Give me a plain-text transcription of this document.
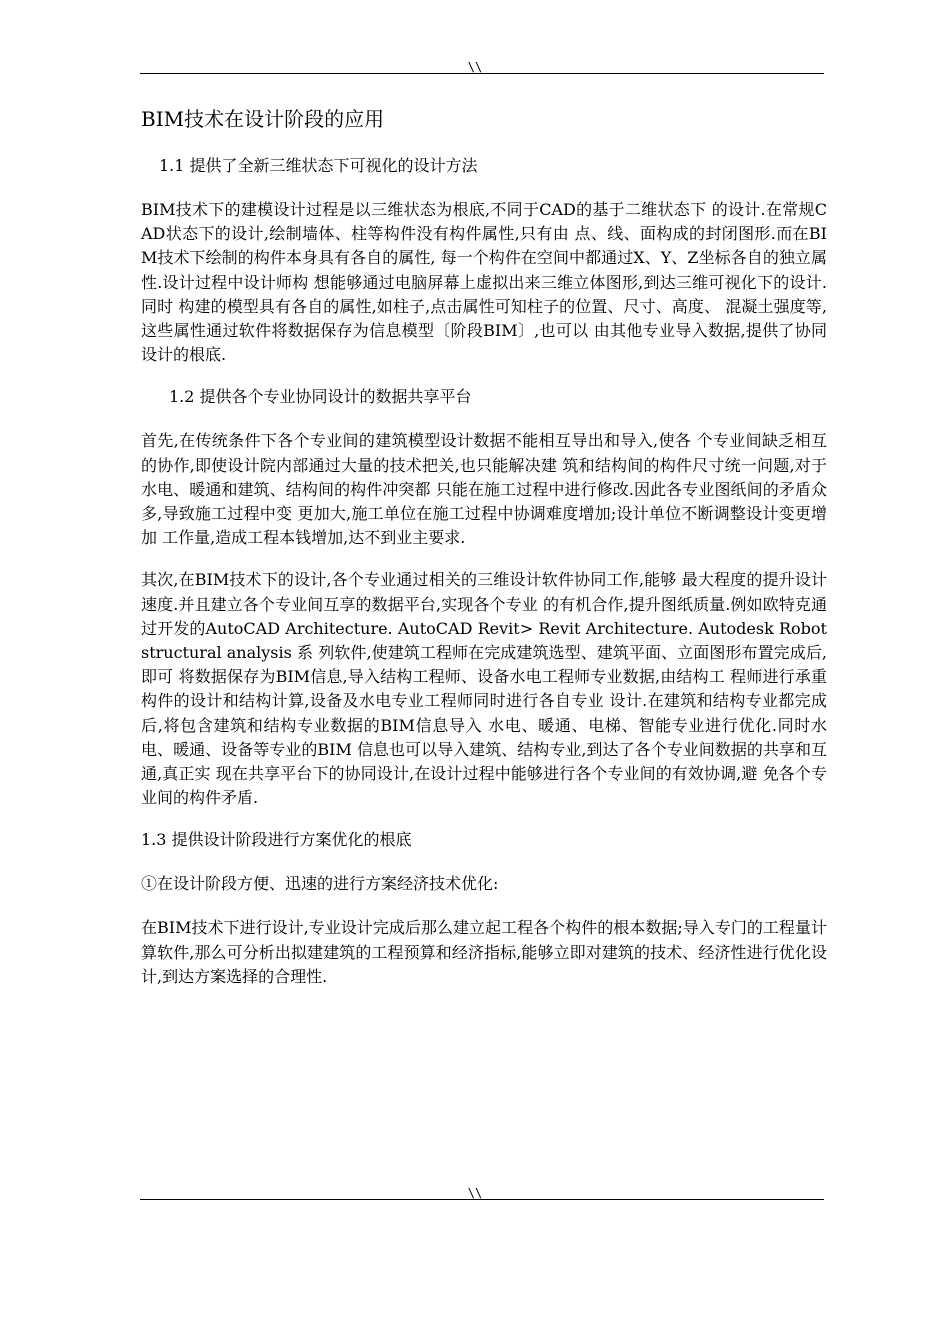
\\
BIM技术在设计阶段的应用
1.1 提供了全新三维状态下可视化的设计方法
BIM技术下的建模设计过程是以三维状态为根底,不同于CAD的基于二维状态下 的设计.在常规CAD状态下的设计,绘制墙体、柱等构件没有构件属性,只有由 点、线、面构成的封闭图形.而在BIM技术下绘制的构件本身具有各自的属性, 每一个构件在空间中都通过X、Y、Z坐标各自的独立属性.设计过程中设计师构 想能够通过电脑屏幕上虚拟出来三维立体图形,到达三维可视化下的设计.同时 构建的模型具有各自的属性,如柱子,点击属性可知柱子的位置、尺寸、高度、 混凝土强度等,这些属性通过软件将数据保存为信息模型〔阶段BIM〕,也可以 由其他专业导入数据,提供了协同设计的根底.
1.2 提供各个专业协同设计的数据共享平台
首先,在传统条件下各个专业间的建筑模型设计数据不能相互导出和导入,使各 个专业间缺乏相互的协作,即使设计院内部通过大量的技术把关,也只能解决建 筑和结构间的构件尺寸统一问题,对于水电、暖通和建筑、结构间的构件冲突都 只能在施工过程中进行修改.因此各专业图纸间的矛盾众多,导致施工过程中变 更加大,施工单位在施工过程中协调难度增加;设计单位不断调整设计变更增加 工作量,造成工程本钱增加,达不到业主要求.
其次,在BIM技术下的设计,各个专业通过相关的三维设计软件协同工作,能够 最大程度的提升设计速度.并且建立各个专业间互享的数据平台,实现各个专业 的有机合作,提升图纸质量.例如欧特克通过开发的AutoCAD Architecture. AutoCAD Revit> Revit Architecture. Autodesk Robot structural analysis 系 列软件,使建筑工程师在完成建筑选型、建筑平面、立面图形布置完成后,即可 将数据保存为BIM信息,导入结构工程师、设备水电工程师专业数据,由结构工 程师进行承重构件的设计和结构计算,设备及水电专业工程师同时进行各自专业 设计.在建筑和结构专业都完成后,将包含建筑和结构专业数据的BIM信息导入 水电、暖通、电梯、智能专业进行优化.同时水电、暖通、设备等专业的BIM 信息也可以导入建筑、结构专业,到达了各个专业间数据的共享和互通,真正实 现在共享平台下的协同设计,在设计过程中能够进行各个专业间的有效协调,避 免各个专业间的构件矛盾.
1.3 提供设计阶段进行方案优化的根底
①在设计阶段方便、迅速的进行方案经济技术优化:
在BIM技术下进行设计,专业设计完成后那么建立起工程各个构件的根本数据;导入专门的工程量计算软件,那么可分析出拟建建筑的工程预算和经济指标,能够立即对建筑的技术、经济性进行优化设计,到达方案选择的合理性.
\\
